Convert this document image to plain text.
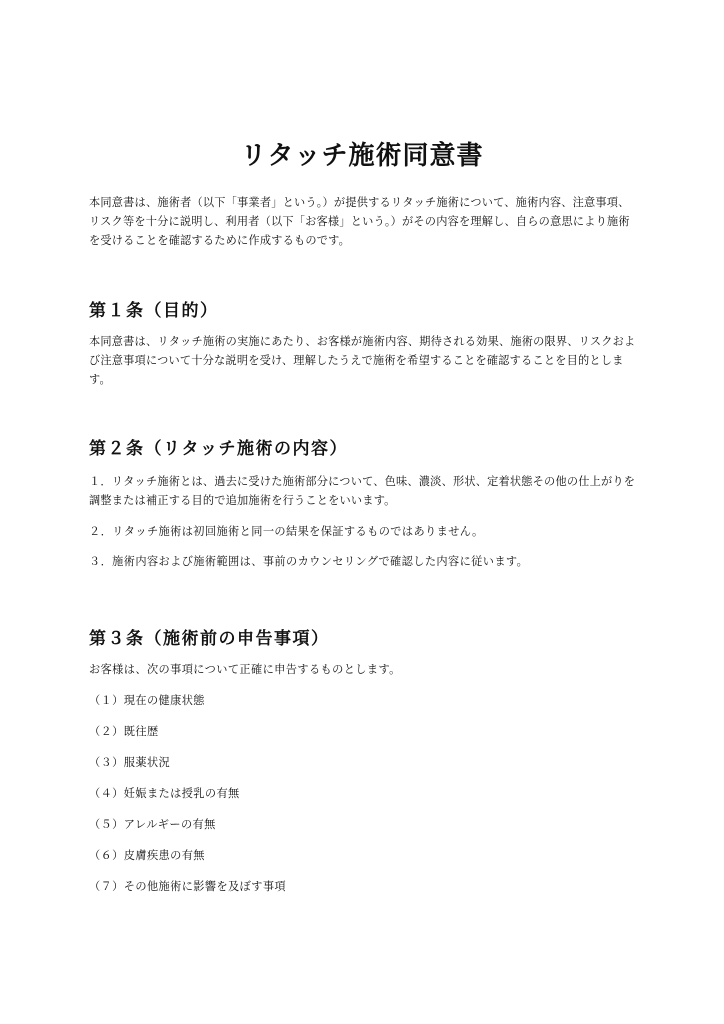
リタッチ施術同意書

本同意書は、施術者（以下「事業者」という。）が提供するリタッチ施術について、施術内容、注意事項、リスク等を十分に説明し、利用者（以下「お客様」という。）がその内容を理解し、自らの意思により施術を受けることを確認するために作成するものです。

第１条（目的）

本同意書は、リタッチ施術の実施にあたり、お客様が施術内容、期待される効果、施術の限界、リスクおよび注意事項について十分な説明を受け、理解したうえで施術を希望することを確認することを目的とします。

第２条（リタッチ施術の内容）

１．リタッチ施術とは、過去に受けた施術部分について、色味、濃淡、形状、定着状態その他の仕上がりを調整または補正する目的で追加施術を行うことをいいます。

２．リタッチ施術は初回施術と同一の結果を保証するものではありません。

３．施術内容および施術範囲は、事前のカウンセリングで確認した内容に従います。

第３条（施術前の申告事項）

お客様は、次の事項について正確に申告するものとします。

（１）現在の健康状態

（２）既往歴

（３）服薬状況

（４）妊娠または授乳の有無

（５）アレルギーの有無

（６）皮膚疾患の有無

（７）その他施術に影響を及ぼす事項
